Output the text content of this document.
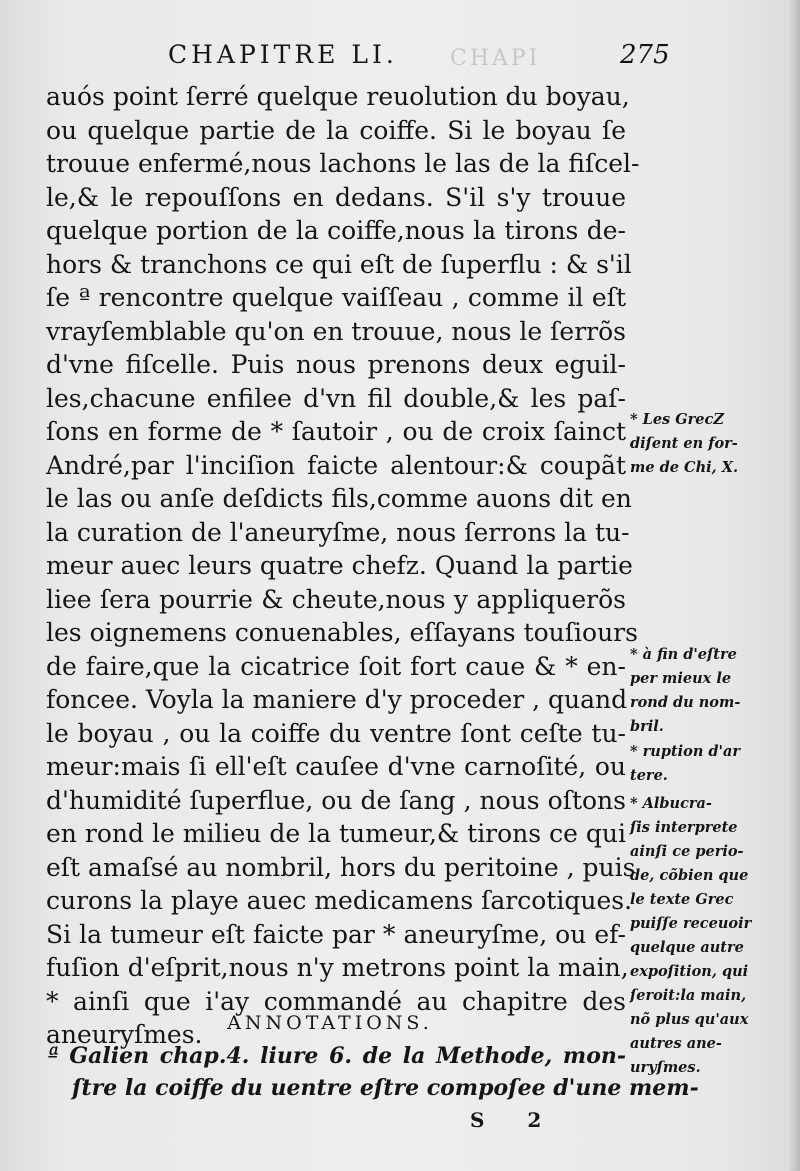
CHAPI
CHAPITRE LI.	275
auós point ſerré quelque reuolution du boyau,
ou quelque partie de la coiffe. Si le boyau ſe
trouue enfermé,nous lachons le las de la fiſcel-
le,& le repouſſons en dedans. S'il s'y trouue
quelque portion de la coiffe,nous la tirons de-
hors & tranchons ce qui eſt de ſuperflu : & s'il
ſe ª rencontre quelque vaiſſeau , comme il eſt
vrayſemblable qu'on en trouue, nous le ſerrõs
d'vne fiſcelle. Puis nous prenons deux eguil-
les,chacune enfilee d'vn fil double,& les paſ-
ſons en forme de * ſautoir , ou de croix ſainct
André,par l'inciſion faicte alentour:& coupãt
le las ou anſe deſdicts fils,comme auons dit en
la curation de l'aneuryſme, nous ſerrons la tu-
meur auec leurs quatre chefz. Quand la partie
liee ſera pourrie & cheute,nous y appliquerõs
les oignemens conuenables, eſſayans touſiours
de faire,que la cicatrice ſoit fort caue & * en-
foncee. Voyla la maniere d'y proceder , quand
le boyau , ou la coiffe du ventre ſont ceſte tu-
meur:mais ſi ell'eſt cauſee d'vne carnoſité, ou
d'humidité ſuperflue, ou de ſang , nous oſtons
en rond le milieu de la tumeur,& tirons ce qui
eſt amaſsé au nombril, hors du peritoine , puis
curons la playe auec medicamens ſarcotiques.
Si la tumeur eſt faicte par * aneuryſme, ou ef-
fuſion d'eſprit,nous n'y metrons point la main,
* ainſi que i'ay commandé au chapitre des
aneuryſmes.	ANNOTATIONS.
ª Galien chap.4. liure 6. de la Methode, mon-
ſtre la coiffe du uentre eſtre compoſee d'une mem-
S 2
* Les GrecZ
diſent en for-
me de Chi, X.
* à fin d'eſtre
per mieux le
rond du nom-
bril.
* ruption d'ar
tere.
* Albucra-
ſis interprete
ainſi ce perio-
de, cõbien que
le texte Grec
puiſſe receuoir
quelque autre
expoſition, qui
ſeroit:la main,
nõ plus qu'aux
autres ane-
uryſmes.
